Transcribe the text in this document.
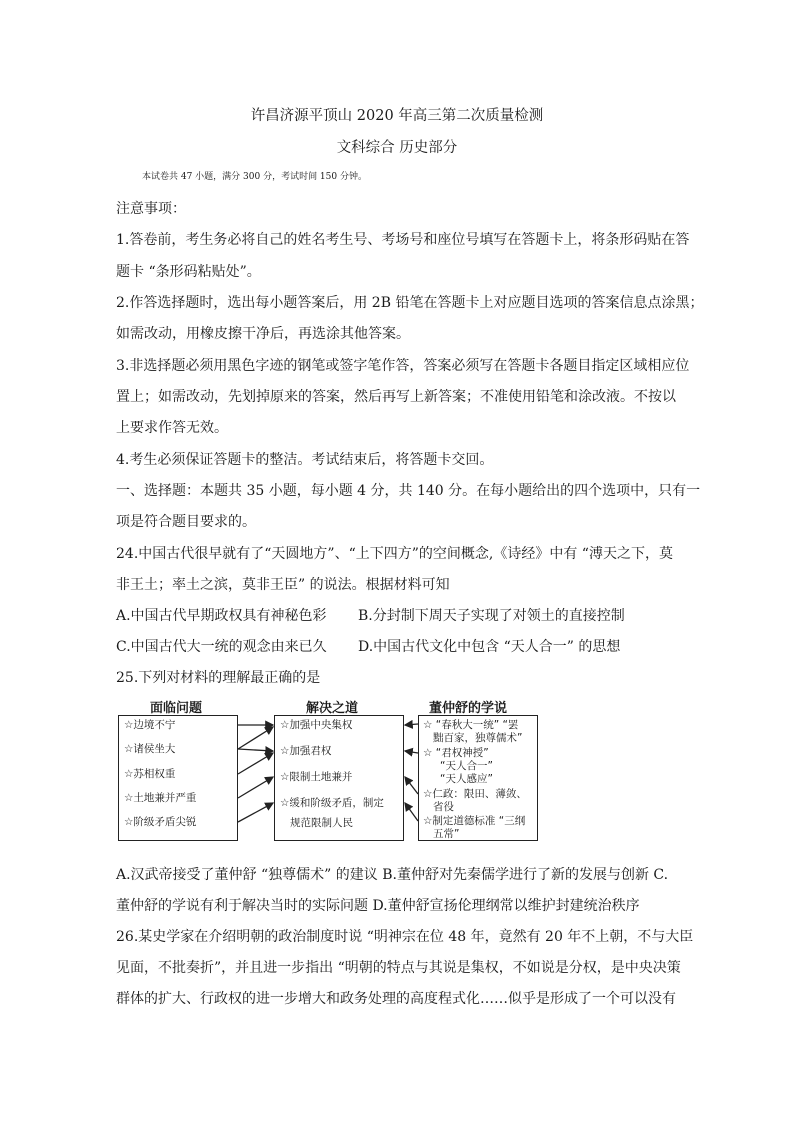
许昌济源平顶山 2020 年高三第二次质量检测
文科综合 历史部分
本试卷共 47 小题，满分 300 分，考试时间 150 分钟。
注意事项：
1.答卷前，考生务必将自己的姓名考生号、考场号和座位号填写在答题卡上，将条形码贴在答
题卡 “条形码粘贴处”。
2.作答选择题时，选出每小题答案后，用 2B 铅笔在答题卡上对应题目选项的答案信息点涂黑；
如需改动，用橡皮擦干净后，再选涂其他答案。
3.非选择题必须用黑色字迹的钢笔或签字笔作答，答案必须写在答题卡各题目指定区域相应位
置上；如需改动，先划掉原来的答案，然后再写上新答案；不准使用铅笔和涂改液。不按以
上要求作答无效。
4.考生必须保证答题卡的整洁。考试结束后，将答题卡交回。
一、选择题：本题共 35 小题，每小题 4 分，共 140 分。在每小题给出的四个选项中，只有一
项是符合题目要求的。
24.中国古代很早就有了“天圆地方”、“上下四方”的空间概念,《诗经》中有 “溥天之下，莫
非王土；率土之滨，莫非王臣” 的说法。根据材料可知
A.中国古代早期政权具有神秘色彩 B.分封制下周天子实现了对领土的直接控制
C.中国古代大一统的观念由来已久 D.中国古代文化中包含 “天人合一” 的思想
25.下列对材料的理解最正确的是
面临问题	解决之道	董仲舒的学说
☆边境不宁
☆诸侯坐大
☆苏相权重
☆土地兼并严重
☆阶级矛盾尖锐
☆加强中央集权
☆加强君权
☆限制土地兼并
☆缓和阶级矛盾，制定
规范限制人民
☆ “春秋大一统” “罢
黜百家，独尊儒术”
☆ “君权神授”
“天人合一”
“天人感应”
☆仁政：限田、薄敛、
省役
☆制定道德标准 “三纲
五常”
A.汉武帝接受了董仲舒 “独尊儒术” 的建议 B.董仲舒对先秦儒学进行了新的发展与创新 C.
董仲舒的学说有利于解决当时的实际问题 D.董仲舒宣扬伦理纲常以维护封建统治秩序
26.某史学家在介绍明朝的政治制度时说 “明神宗在位 48 年，竟然有 20 年不上朝，不与大臣
见面，不批奏折”，并且进一步指出 “明朝的特点与其说是集权，不如说是分权，是中央决策
群体的扩大、行政权的进一步增大和政务处理的高度程式化……似乎是形成了一个可以没有
